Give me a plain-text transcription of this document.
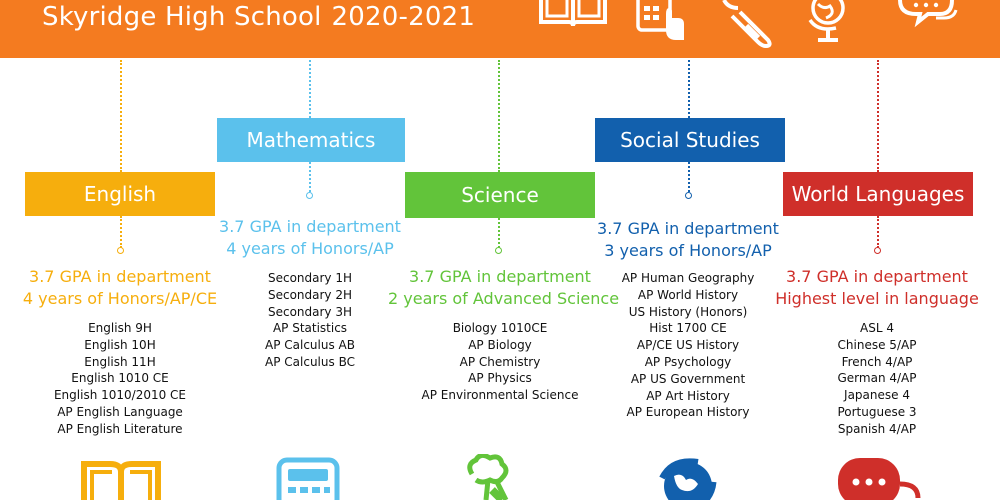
Skyridge High School 2020-2021
English
Mathematics
Science
Social Studies
World Languages
3.7 GPA in department
4 years of Honors/AP/CE
English 9H
English 10H
English 11H
English 1010 CE
English 1010/2010 CE
AP English Language
AP English Literature
3.7 GPA in department
4 years of Honors/AP
Secondary 1H
Secondary 2H
Secondary 3H
AP Statistics
AP Calculus AB
AP Calculus BC
3.7 GPA in department
2 years of Advanced Science
Biology 1010CE
AP Biology
AP Chemistry
AP Physics
AP Environmental Science
3.7 GPA in department
3 years of Honors/AP
AP Human Geography
AP World History
US History (Honors)
Hist 1700 CE
AP/CE US History
AP Psychology
AP US Government
AP Art History
AP European History
3.7 GPA in department
Highest level in language
ASL 4
Chinese 5/AP
French 4/AP
German 4/AP
Japanese 4
Portuguese 3
Spanish 4/AP
